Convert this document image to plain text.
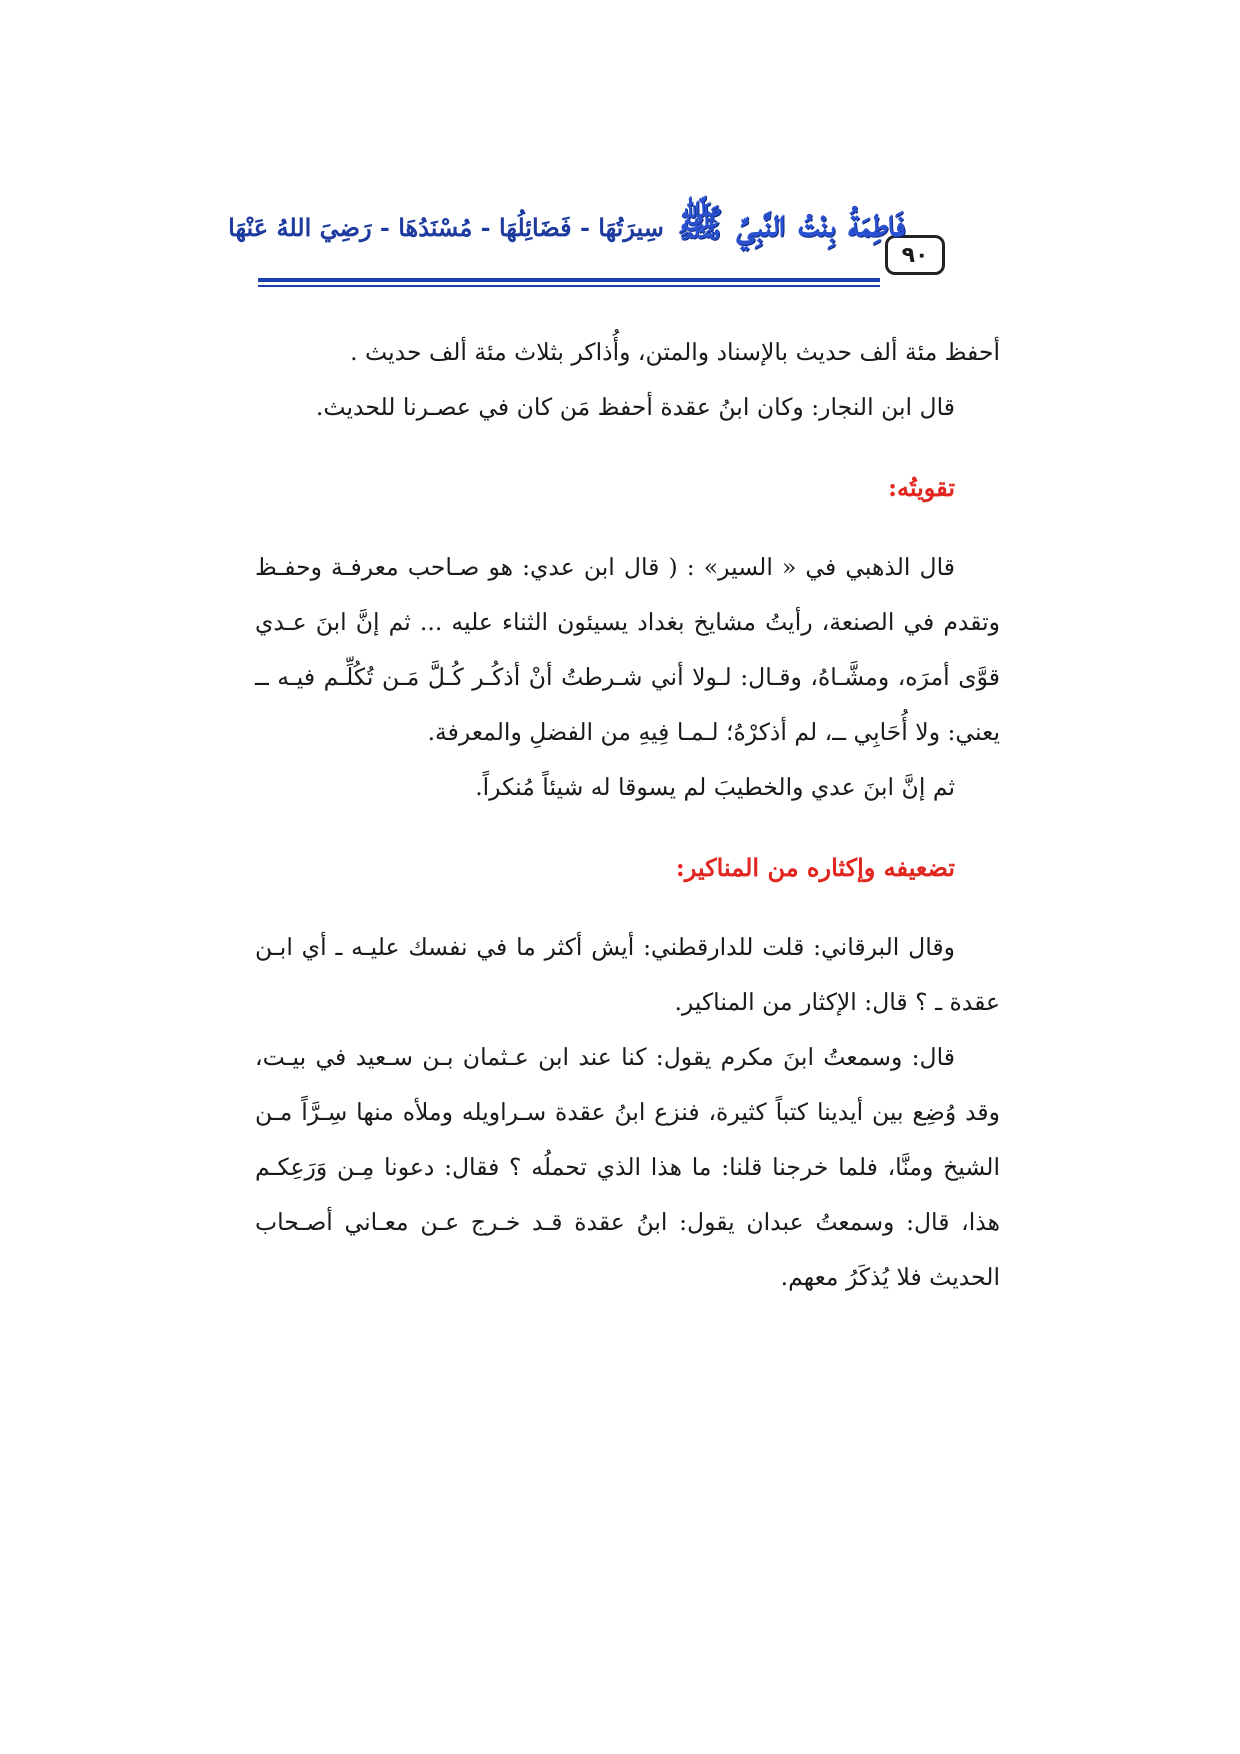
٩٠
فَاطِمَةُ بِنْتُ النَّبِيِّ ﷺ سِيرَتُهَا - فَضَائِلُهَا - مُسْنَدُهَا - رَضِيَ اللهُ عَنْهَا

أحفظ مئة ألف حديث بالإسناد والمتن، وأُذاكر بثلاث مئة ألف حديث .

قال ابن النجار: وكان ابنُ عقدة أحفظ مَن كان في عصـرنا للحديث.

تقويتُه:

قال الذهبي في « السير» : ( قال ابن عدي: هو صـاحب معرفـة وحفـظ وتقدم في الصنعة، رأيتُ مشايخ بغداد يسيئون الثناء عليه ... ثم إنَّ ابنَ عـدي قوَّى أمرَه، ومشَّـاهُ، وقـال: لـولا أني شـرطتُ أنْ أذكُـر كُـلَّ مَـن تُكُلِّـم فيـه ــ يعني: ولا أُحَابِي ــ، لم أذكرْهُ؛ لـمـا فِيهِ من الفضلِ والمعرفة.

ثم إنَّ ابنَ عدي والخطيبَ لم يسوقا له شيئاً مُنكراً.

تضعيفه وإكثاره من المناكير:

وقال البرقاني: قلت للدارقطني: أيش أكثر ما في نفسك عليـه ـ أي ابـن عقدة ـ ؟ قال: الإكثار من المناكير.

قال: وسمعتُ ابنَ مكرم يقول: كنا عند ابن عـثمان بـن سـعيد في بيـت، وقد وُضِع بين أيدينا كتباً كثيرة، فنزع ابنُ عقدة سـراويله وملأه منها سِـرَّاً مـن الشيخ ومنَّا، فلما خرجنا قلنا: ما هذا الذي تحملُه ؟ فقال: دعونا مِـن وَرَعِكـم هذا، قال: وسمعتُ عبدان يقول: ابنُ عقدة قـد خـرج عـن معـاني أصـحاب الحديث فلا يُذكَرُ معهم.
